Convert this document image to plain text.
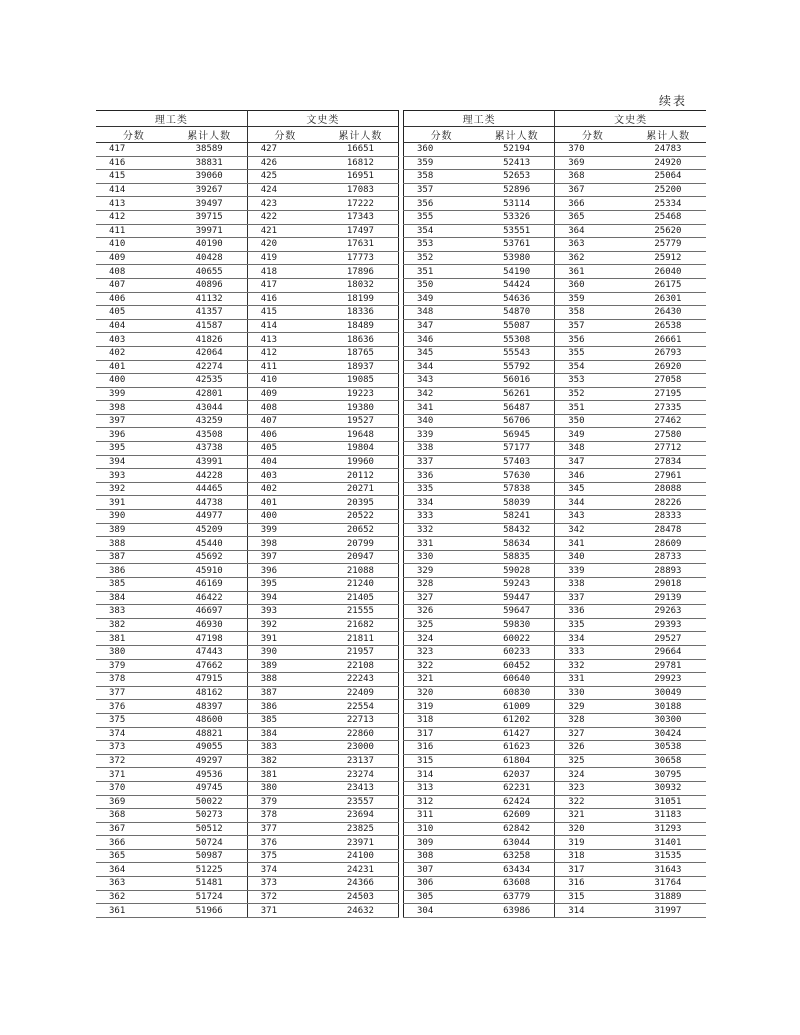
续表
理工类		文史类	
分数	累计人数	分数	累计人数
417	38589	427	16651
416	38831	426	16812
415	39060	425	16951
414	39267	424	17083
413	39497	423	17222
412	39715	422	17343
411	39971	421	17497
410	40190	420	17631
409	40428	419	17773
408	40655	418	17896
407	40896	417	18032
406	41132	416	18199
405	41357	415	18336
404	41587	414	18489
403	41826	413	18636
402	42064	412	18765
401	42274	411	18937
400	42535	410	19085
399	42801	409	19223
398	43044	408	19380
397	43259	407	19527
396	43508	406	19648
395	43738	405	19804
394	43991	404	19960
393	44228	403	20112
392	44465	402	20271
391	44738	401	20395
390	44977	400	20522
389	45209	399	20652
388	45440	398	20799
387	45692	397	20947
386	45910	396	21088
385	46169	395	21240
384	46422	394	21405
383	46697	393	21555
382	46930	392	21682
381	47198	391	21811
380	47443	390	21957
379	47662	389	22108
378	47915	388	22243
377	48162	387	22409
376	48397	386	22554
375	48600	385	22713
374	48821	384	22860
373	49055	383	23000
372	49297	382	23137
371	49536	381	23274
370	49745	380	23413
369	50022	379	23557
368	50273	378	23694
367	50512	377	23825
366	50724	376	23971
365	50987	375	24100
364	51225	374	24231
363	51481	373	24366
362	51724	372	24503
361	51966	371	24632
理工类		文史类	
分数	累计人数	分数	累计人数
360	52194	370	24783
359	52413	369	24920
358	52653	368	25064
357	52896	367	25200
356	53114	366	25334
355	53326	365	25468
354	53551	364	25620
353	53761	363	25779
352	53980	362	25912
351	54190	361	26040
350	54424	360	26175
349	54636	359	26301
348	54870	358	26430
347	55087	357	26538
346	55308	356	26661
345	55543	355	26793
344	55792	354	26920
343	56016	353	27058
342	56261	352	27195
341	56487	351	27335
340	56706	350	27462
339	56945	349	27580
338	57177	348	27712
337	57403	347	27834
336	57630	346	27961
335	57838	345	28088
334	58039	344	28226
333	58241	343	28333
332	58432	342	28478
331	58634	341	28609
330	58835	340	28733
329	59028	339	28893
328	59243	338	29018
327	59447	337	29139
326	59647	336	29263
325	59830	335	29393
324	60022	334	29527
323	60233	333	29664
322	60452	332	29781
321	60640	331	29923
320	60830	330	30049
319	61009	329	30188
318	61202	328	30300
317	61427	327	30424
316	61623	326	30538
315	61804	325	30658
314	62037	324	30795
313	62231	323	30932
312	62424	322	31051
311	62609	321	31183
310	62842	320	31293
309	63044	319	31401
308	63258	318	31535
307	63434	317	31643
306	63608	316	31764
305	63779	315	31889
304	63986	314	31997
